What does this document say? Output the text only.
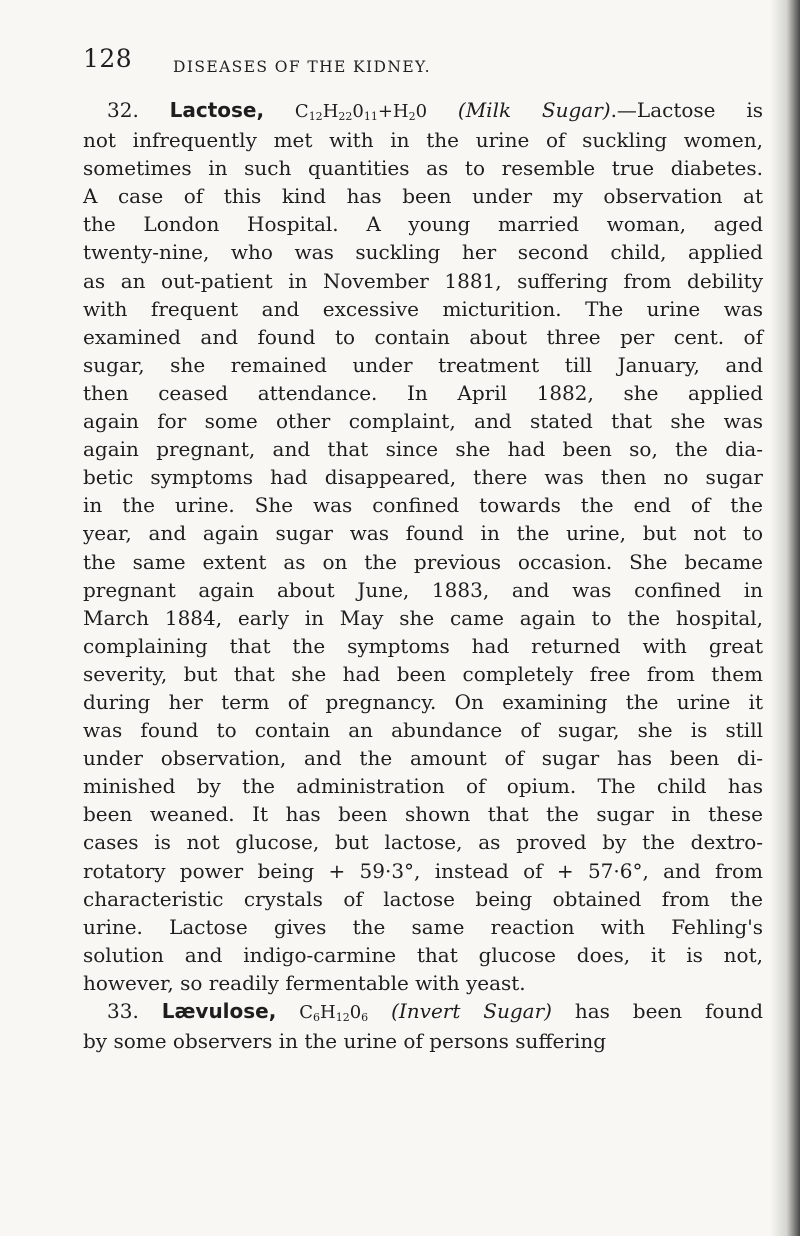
128	DISEASES OF THE KIDNEY.
32. Lactose, $C_{12}H_{22}0_{11}+H_20$ (Milk Sugar).—Lactose is
not infrequently met with in the urine of suckling women,
sometimes in such quantities as to resemble true diabetes.
A case of this kind has been under my observation at
the London Hospital. A young married woman, aged
twenty-nine, who was suckling her second child, applied
as an out-patient in November 1881, suffering from debility
with frequent and excessive micturition. The urine was
examined and found to contain about three per cent. of
sugar, she remained under treatment till January, and
then ceased attendance. In April 1882, she applied
again for some other complaint, and stated that she was
again pregnant, and that since she had been so, the dia-
betic symptoms had disappeared, there was then no sugar
in the urine. She was confined towards the end of the
year, and again sugar was found in the urine, but not to
the same extent as on the previous occasion. She became
pregnant again about June, 1883, and was confined in
March 1884, early in May she came again to the hospital,
complaining that the symptoms had returned with great
severity, but that she had been completely free from them
during her term of pregnancy. On examining the urine it
was found to contain an abundance of sugar, she is still
under observation, and the amount of sugar has been di-
minished by the administration of opium. The child has
been weaned. It has been shown that the sugar in these
cases is not glucose, but lactose, as proved by the dextro-
rotatory power being + 59·3°, instead of + 57·6°, and from
characteristic crystals of lactose being obtained from the
urine. Lactose gives the same reaction with Fehling's
solution and indigo-carmine that glucose does, it is not,
however, so readily fermentable with yeast.
33. Lævulose, $C_6H_{12}0_6$ (Invert Sugar) has been found
by some observers in the urine of persons suffering
